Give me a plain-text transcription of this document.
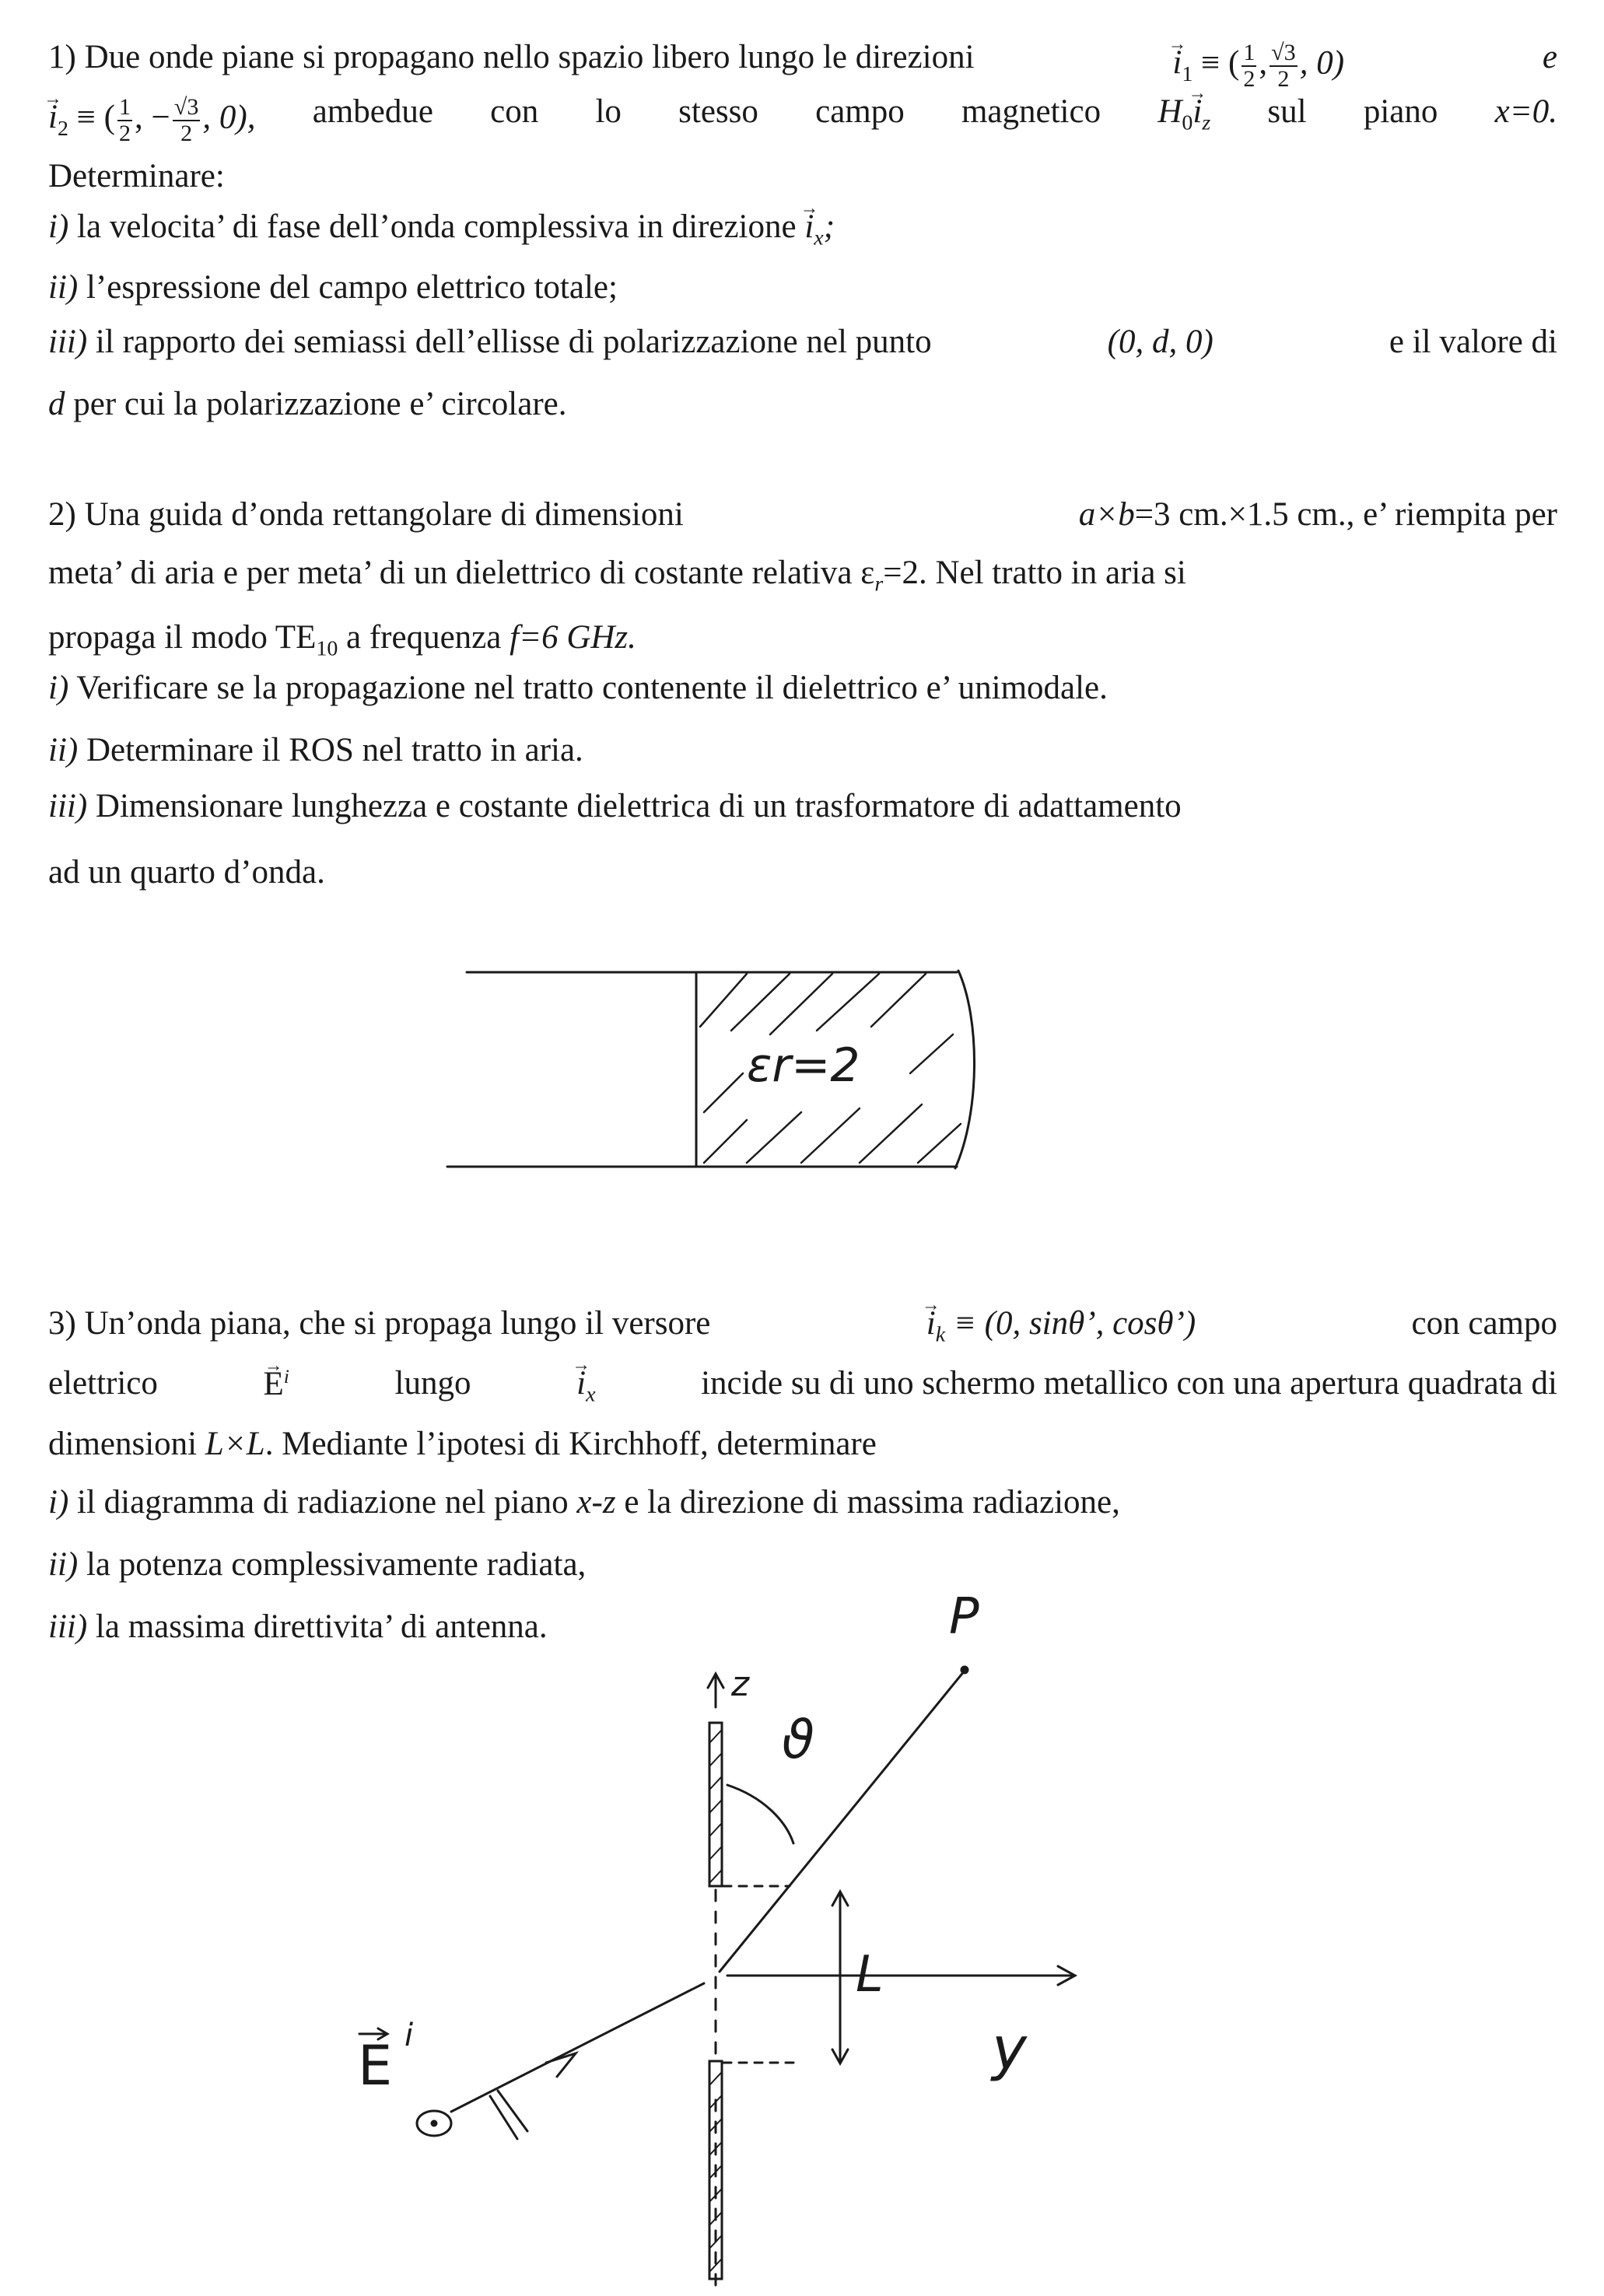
1) Due onde piane si propagano nello spazio libero lungo le direzioni	→ $i_1$ ≡ ( $\frac{1}{2}$ , $\frac{√3}{2}$ , 0)	e
→ $i_2$ ≡ ( $\frac{1}{2}$ , − $\frac{√3}{2}$ , 0), ambedue con lo stesso campo magnetico $H_0\to i_z$ sul piano x=0.
Determinare:
i) la velocita’ di fase dell’onda complessiva in direzione → $i_x$;
ii) l’espressione del campo elettrico totale;
iii) il rapporto dei semiassi dell’ellisse di polarizzazione nel punto	(0, d, 0)	e il valore di
d per cui la polarizzazione e’ circolare.
2) Una guida d’onda rettangolare di dimensioni	a×b=3 cm.×1.5 cm., e’ riempita per
meta’ di aria e per meta’ di un dielettrico di costante relativa $\varepsilon_r=2$. Nel tratto in aria si
propaga il modo $TE_{10}$ a frequenza f=6 GHz.
i) Verificare se la propagazione nel tratto contenente il dielettrico e’ unimodale.
ii) Determinare il ROS nel tratto in aria.
iii) Dimensionare lunghezza e costante dielettrica di un trasformatore di adattamento
ad un quarto d’onda.
εr=2
3) Un’onda piana, che si propaga lungo il versore	→ $i_k \equiv (0$, sinθ’, cosθ’)	con campo
elettrico	→ $E^i$	lungo	→ $i_x$	incide su di uno schermo metallico con una apertura quadrata di
dimensioni L×L. Mediante l’ipotesi di Kirchhoff, determinare
i) il diagramma di radiazione nel piano x-z e la direzione di massima radiazione,
ii) la potenza complessivamente radiata,
iii) la massima direttivita’ di antenna.	P
z
ϑ
L
y
E i
